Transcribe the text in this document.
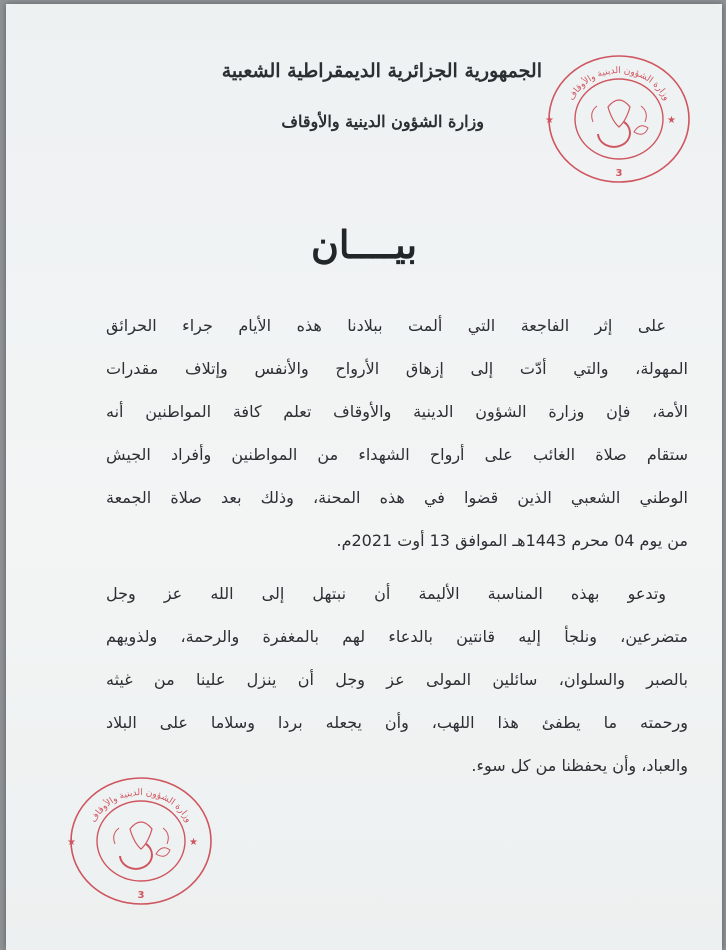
الجمهورية الجزائرية الديمقراطية الشعبية
وزارة الشؤون الدينية والأوقاف
وزارة الشؤون الدينية والأوقاف
★	★
3
بيــــان
على إثر الفاجعة التي ألمت ببلادنا هذه الأيام جراء الحرائق
المهولة، والتي أدّت إلى إزهاق الأرواح والأنفس وإتلاف مقدرات
الأمة، فإن وزارة الشؤون الدينية والأوقاف تعلم كافة المواطنين أنه
ستقام صلاة الغائب على أرواح الشهداء من المواطنين وأفراد الجيش
الوطني الشعبي الذين قضوا في هذه المحنة، وذلك بعد صلاة الجمعة
من يوم 04 محرم 1443هـ الموافق 13 أوت 2021م.
وتدعو بهذه المناسبة الأليمة أن نبتهل إلى الله عز وجل
متضرعين، ونلجأ إليه قانتين بالدعاء لهم بالمغفرة والرحمة، ولذويهم
بالصبر والسلوان، سائلين المولى عز وجل أن ينزل علينا من غيثه
ورحمته ما يطفئ هذا اللهب، وأن يجعله بردا وسلاما على البلاد
والعباد، وأن يحفظنا من كل سوء.
وزارة الشؤون الدينية والأوقاف
★	★
3
